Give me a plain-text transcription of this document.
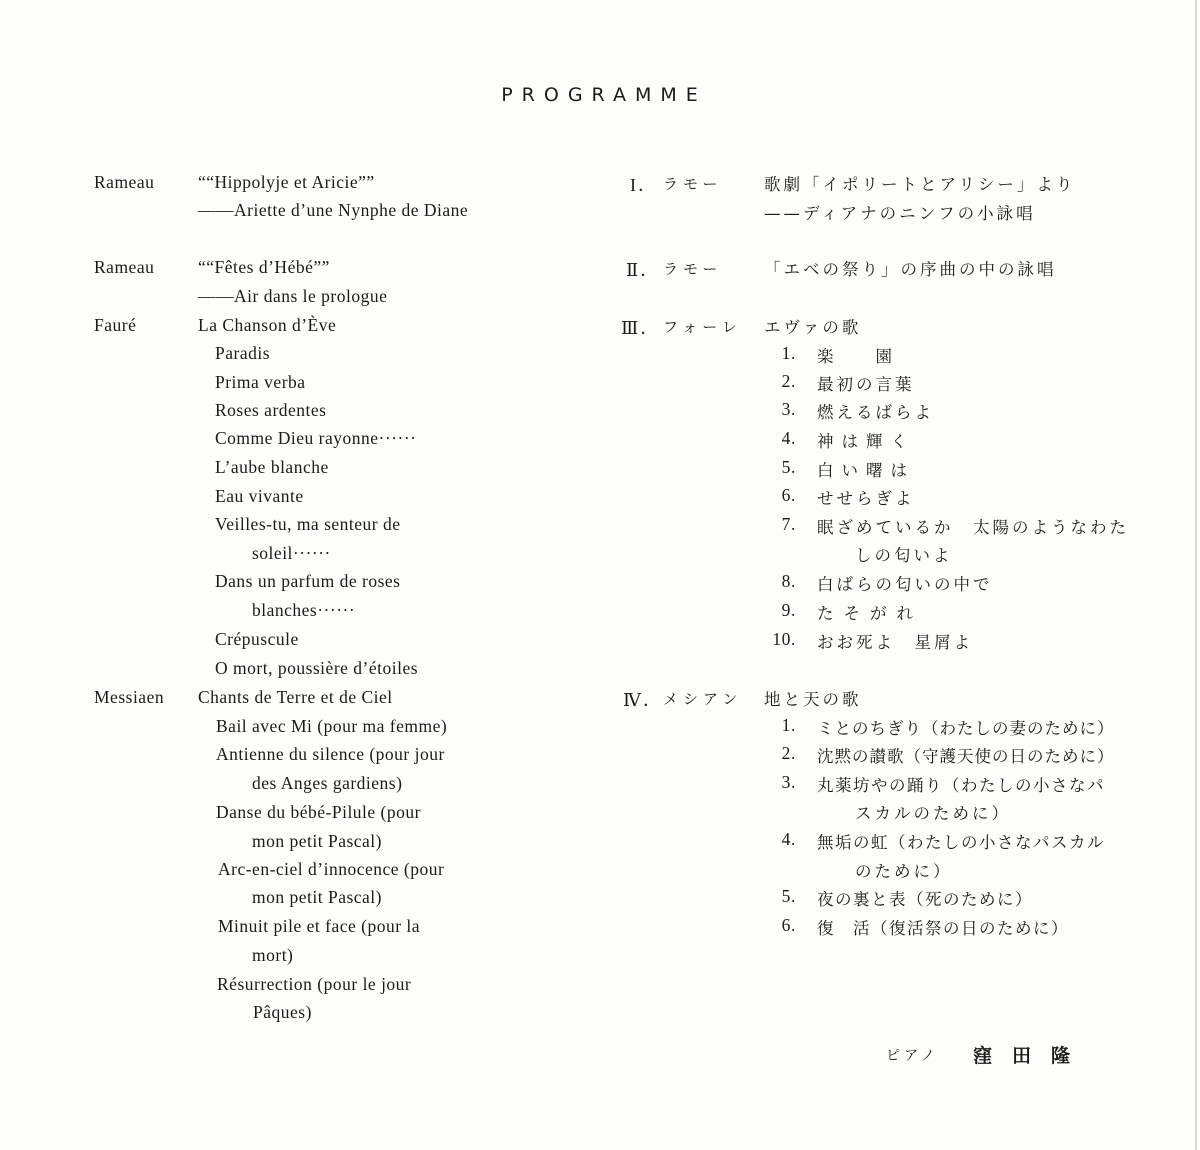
PROGRAMME
Rameau ““Hippolyje et Aricie””
——Ariette d’une Nynphe de Diane
Rameau ““Fêtes d’Hébé””
——Air dans le prologue
Fauré	La Chanson d’Ève
Paradis
Prima verba
Roses ardentes
Comme Dieu rayonne······
L’aube blanche
Eau vivante
Veilles-tu, ma senteur de
soleil······
Dans un parfum de roses
blanches······
Crépuscule
O mort, poussière d’étoiles
Messiaen Chants de Terre et de Ciel
Bail avec Mi (pour ma femme)
Antienne du silence (pour jour
des Anges gardiens)
Danse du bébé-Pilule (pour
mon petit Pascal)
Arc-en-ciel d’innocence (pour
mon petit Pascal)
Minuit pile et face (pour la
mort)
Résurrection (pour le jour
Pâques)
I． ラモー	歌劇「イポリートとアリシー」より
——ディアナのニンフの小詠唱
Ⅱ． ラモー	「エベの祭り」の序曲の中の詠唱
Ⅲ． フォーレ エヴァの歌
1. 楽　　園
2. 最初の言葉
3. 燃えるばらよ
4. 神は輝く
5. 白い曙は
6. せせらぎよ
7. 眠ざめているか　太陽のようなわた
しの匂いよ
8. 白ばらの匂いの中で
9. たそがれ
10. おお死よ　星屑よ
Ⅳ． メシアン 地と天の歌
1. ミとのちぎり（わたしの妻のために）
2. 沈黙の讃歌（守護天使の日のために）
3. 丸薬坊やの踊り（わたしの小さなパ
スカルのために）
4. 無垢の虹（わたしの小さなパスカル
のために）
5. 夜の裏と表（死のために）
6. 復　活（復活祭の日のために）
ピアノ 窪田隆
